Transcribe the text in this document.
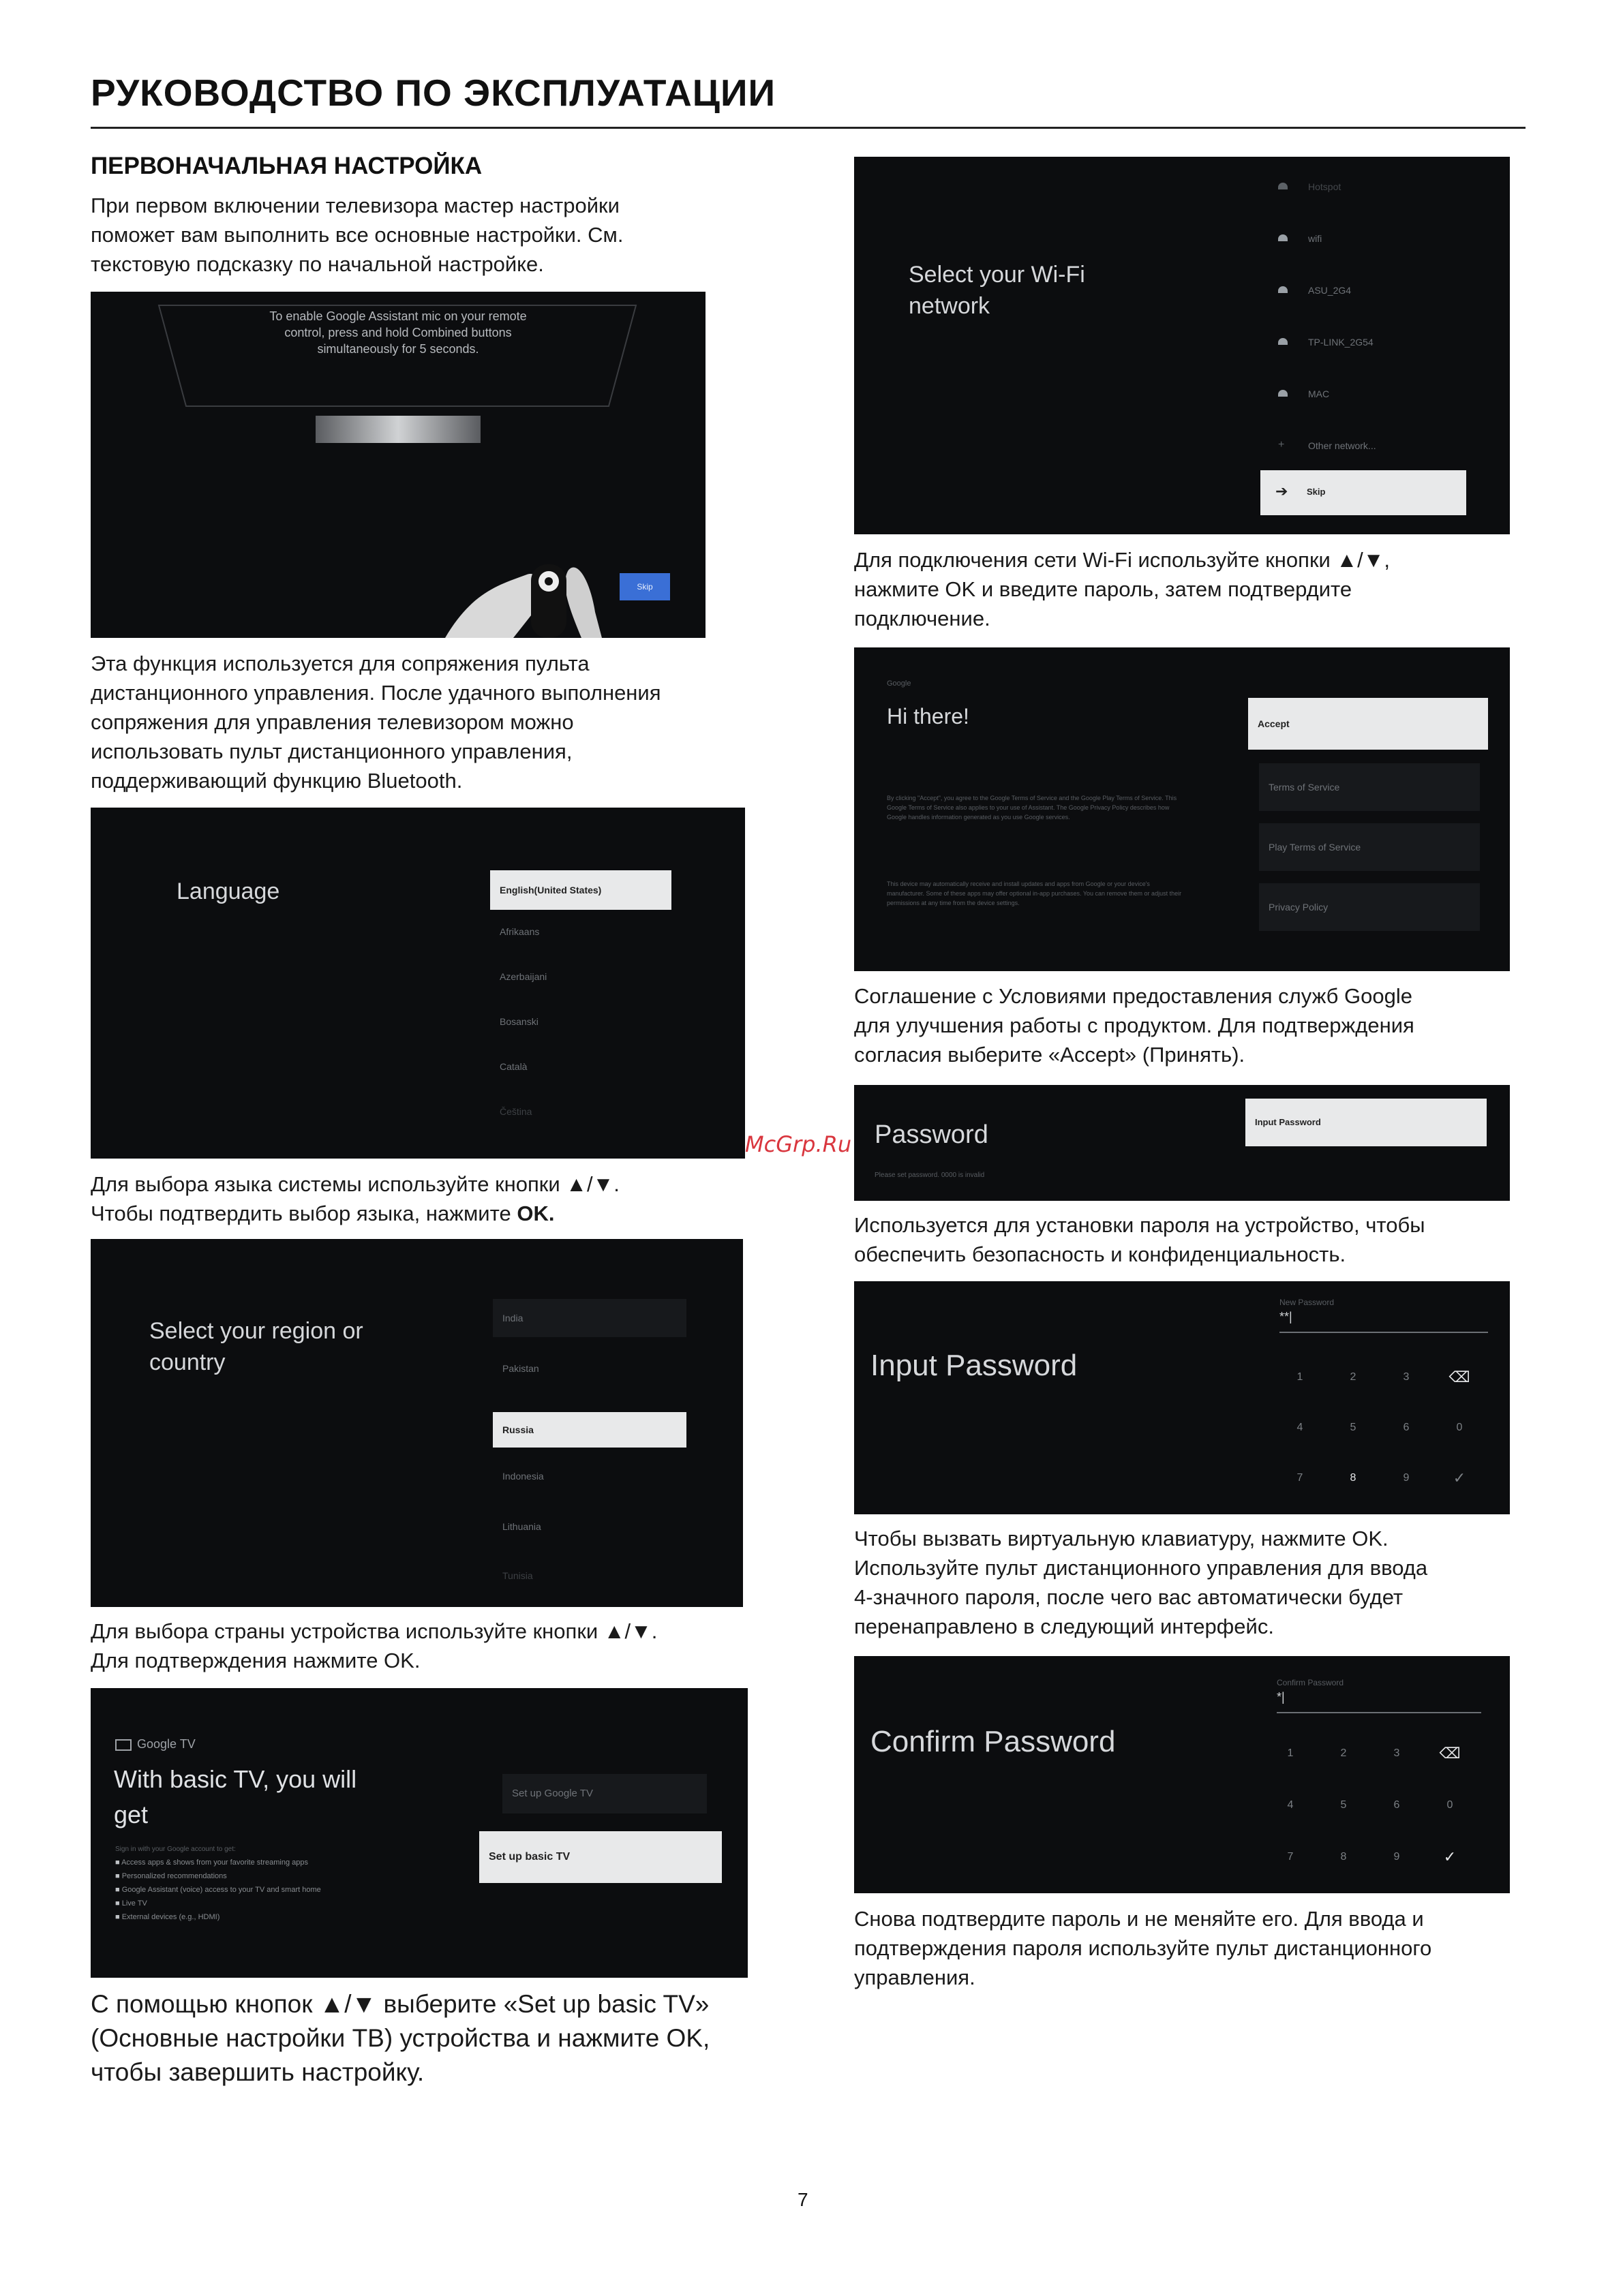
РУКОВОДСТВО ПО ЭКСПЛУАТАЦИИ
ПЕРВОНАЧАЛЬНАЯ НАСТРОЙКА
При первом включении телевизора мастер настройки
поможет вам выполнить все основные настройки. См.
текстовую подсказку по начальной настройке.
To enable Google Assistant mic on your remote
control, press and hold Combined buttons
simultaneously for 5 seconds.
Skip
Эта функция используется для сопряжения пульта
дистанционного управления. После удачного выполнения
сопряжения для управления телевизором можно
использовать пульт дистанционного управления,
поддерживающий функцию Bluetooth.
Language	English(United States)
Afrikaans
Azerbaijani
Bosanski
Català
Čeština
Для выбора языка системы используйте кнопки ▲/▼.
Чтобы подтвердить выбор языка, нажмите OK.
Select your region or
country
India
Pakistan
Russia
Indonesia
Lithuania
Tunisia
Для выбора страны устройства используйте кнопки ▲/▼.
Для подтверждения нажмите OK.
Google TV
With basic TV, you will
get
Sign in with your Google account to get:
■ Access apps & shows from your favorite streaming apps
■ Personalized recommendations
■ Google Assistant (voice) access to your TV and smart home
■ Live TV
■ External devices (e.g., HDMI)
Set up Google TV
Set up basic TV
С помощью кнопок ▲/▼ выберите «Set up basic TV»
(Основные настройки ТВ) устройства и нажмите OK,
чтобы завершить настройку.
Select your Wi-Fi
network
Hotspot
wifi
ASU_2G4
TP-LINK_2G54
MAC
+	Other network...
➔ Skip
Для подключения сети Wi-Fi используйте кнопки ▲/▼,
нажмите OK и введите пароль, затем подтвердите
подключение.
Google
Hi there!
By clicking "Accept", you agree to the Google Terms of Service and the Google Play Terms of Service. This Google Terms of Service also applies to your use of Assistant. The Google Privacy Policy describes how Google handles information generated as you use Google services.
This device may automatically receive and install updates and apps from Google or your device's manufacturer. Some of these apps may offer optional in-app purchases. You can remove them or adjust their permissions at any time from the device settings.
Accept
Terms of Service
Play Terms of Service
Privacy Policy
Соглашение с Условиями предоставления служб Google
для улучшения работы с продуктом. Для подтверждения
согласия выберите «Accept» (Принять).
Password
Please set password. 0000 is invalid
Input Password
Используется для установки пароля на устройство, чтобы
обеспечить безопасность и конфиденциальность.
Input Password
New Password
**|
1	2	3	⌫
4	5	6	0
7	8	9	✓
Чтобы вызвать виртуальную клавиатуру, нажмите OK.
Используйте пульт дистанционного управления для ввода
4-значного пароля, после чего вас автоматически будет
перенаправлено в следующий интерфейс.
Confirm Password
Confirm Password
*|
1	2	3	⌫
4	5	6	0
7	8	9	✓
Снова подтвердите пароль и не меняйте его. Для ввода и
подтверждения пароля используйте пульт дистанционного
управления.
McGrp.Ru
7
